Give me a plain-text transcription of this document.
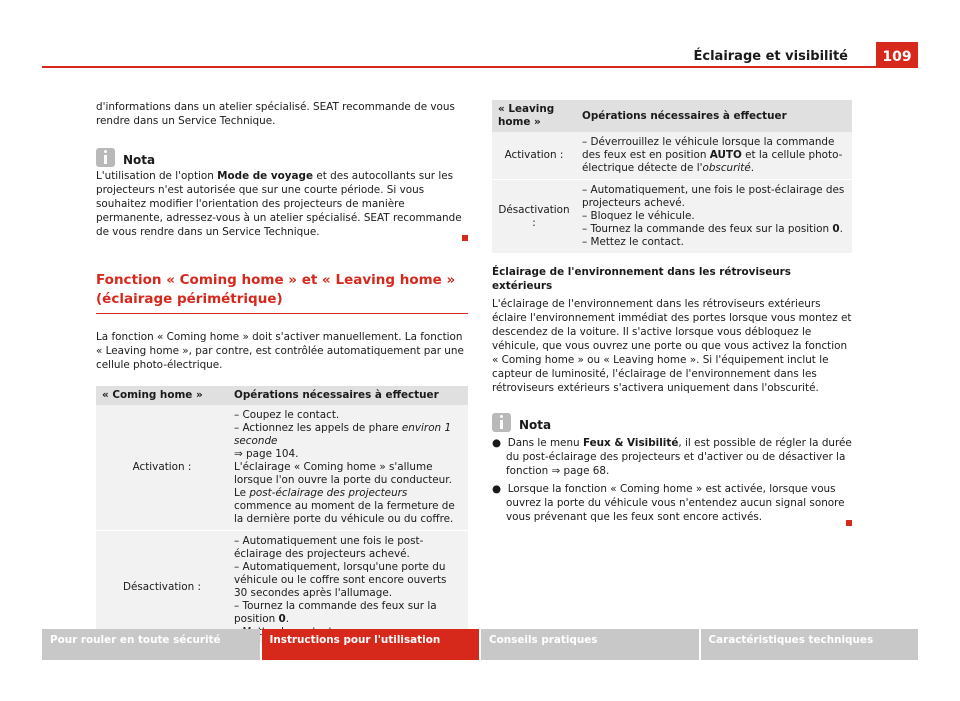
Éclairage et visibilité	109

d'informations dans un atelier spécialisé. SEAT recommande de vous rendre dans un Service Technique.

Nota

L'utilisation de l'option Mode de voyage et des autocollants sur les projecteurs n'est autorisée que sur une courte période. Si vous souhaitez modifier l'orientation des projecteurs de manière permanente, adressez-vous à un atelier spécialisé. SEAT recommande de vous rendre dans un Service Technique.

Fonction « Coming home » et « Leaving home » (éclairage périmétrique)

La fonction « Coming home » doit s'activer manuellement. La fonction « Leaving home », par contre, est contrôlée automatiquement par une cellule photo-électrique.

« Coming home »	Opérations nécessaires à effectuer
Activation :	– Coupez le contact.
– Actionnez les appels de phare environ 1 seconde
⇒ page 104.
L'éclairage « Coming home » s'allume lorsque l'on ouvre la porte du conducteur. Le post-éclairage des projecteurs commence au moment de la fermeture de la dernière porte du véhicule ou du coffre.

Désactivation :	– Automatiquement une fois le post-éclairage des projecteurs achevé.
– Automatiquement, lorsqu'une porte du véhicule ou le coffre sont encore ouverts 30 secondes après l'allumage.
– Tournez la commande des feux sur la position 0.
Mettez
« Leaving home »	Opérations nécessaires à effectuer
Activation :	– Déverrouillez le véhicule lorsque la commande des feux est en position AUTO et la cellule photo-électrique détecte de l'obscurité.

Désactivation :	– Automatiquement, une fois le post-éclairage des projecteurs achevé.
– Bloquez le véhicule.
– Tournez la commande des feux sur la position 0.
– Mettez le contact.

Éclairage de l'environnement dans les rétroviseurs extérieurs

L'éclairage de l'environnement dans les rétroviseurs extérieurs éclaire l'environnement immédiat des portes lorsque vous montez et descendez de la voiture. Il s'active lorsque vous débloquez le véhicule, que vous ouvrez une porte ou que vous activez la fonction « Coming home » ou « Leaving home ». Si l'équipement inclut le capteur de luminosité, l'éclairage de l'environnement dans les rétroviseurs extérieurs s'activera uniquement dans l'obscurité.

Nota

●  Dans le menu Feux & Visibilité, il est possible de régler la durée du post-éclairage des projecteurs et d'activer ou de désactiver la fonction ⇒ page 68.

●  Lorsque la fonction « Coming home » est activée, lorsque vous ouvrez la porte du véhicule vous n'entendez aucun signal sonore vous prévenant que les feux sont encore activés.

Pour rouler en toute sécurité	Instructions pour l'utilisation	Conseils pratiques	Caractéristiques techniques
